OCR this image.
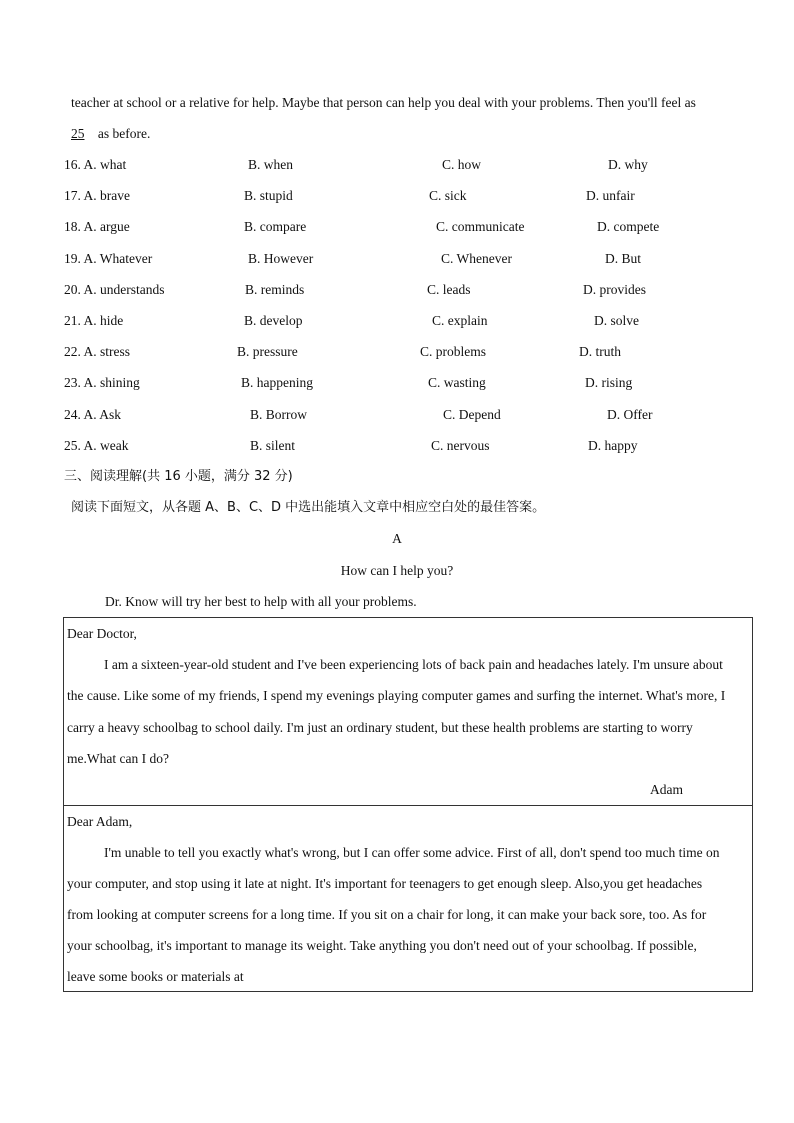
teacher at school or a relative for help. Maybe that person can help you deal with your problems. Then you'll feel as
25 as before.
16. A. what	B. when	C. how	D. why
17. A. brave	B. stupid	C. sick	D. unfair
18. A. argue	B. compare	C. communicate	D. compete
19. A. Whatever	B. However	C. Whenever	D. But
20. A. understands	B. reminds	C. leads	D. provides
21. A. hide	B. develop	C. explain	D. solve
22. A. stress	B. pressure	C. problems	D. truth
23. A. shining	B. happening	C. wasting	D. rising
24. A. Ask	B. Borrow	C. Depend	D. Offer
25. A. weak	B. silent	C. nervous	D. happy
三、阅读理解(共 16 小题，满分 32 分)
阅读下面短文，从各题 A、B、C、D 中选出能填入文章中相应空白处的最佳答案。
A
How can I help you?
Dr. Know will try her best to help with all your problems.
Dear Doctor,
I am a sixteen-year-old student and I've been experiencing lots of back pain and headaches lately. I'm unsure about
the cause. Like some of my friends, I spend my evenings playing computer games and surfing the internet. What's more, I
carry a heavy schoolbag to school daily. I'm just an ordinary student, but these health problems are starting to worry
me.What can I do?
Adam
Dear Adam,
I'm unable to tell you exactly what's wrong, but I can offer some advice. First of all, don't spend too much time on
your computer, and stop using it late at night. It's important for teenagers to get enough sleep. Also,you get headaches
from looking at computer screens for a long time. If you sit on a chair for long, it can make your back sore, too. As for
your schoolbag, it's important to manage its weight. Take anything you don't need out of your schoolbag. If possible,
leave some books or materials at
